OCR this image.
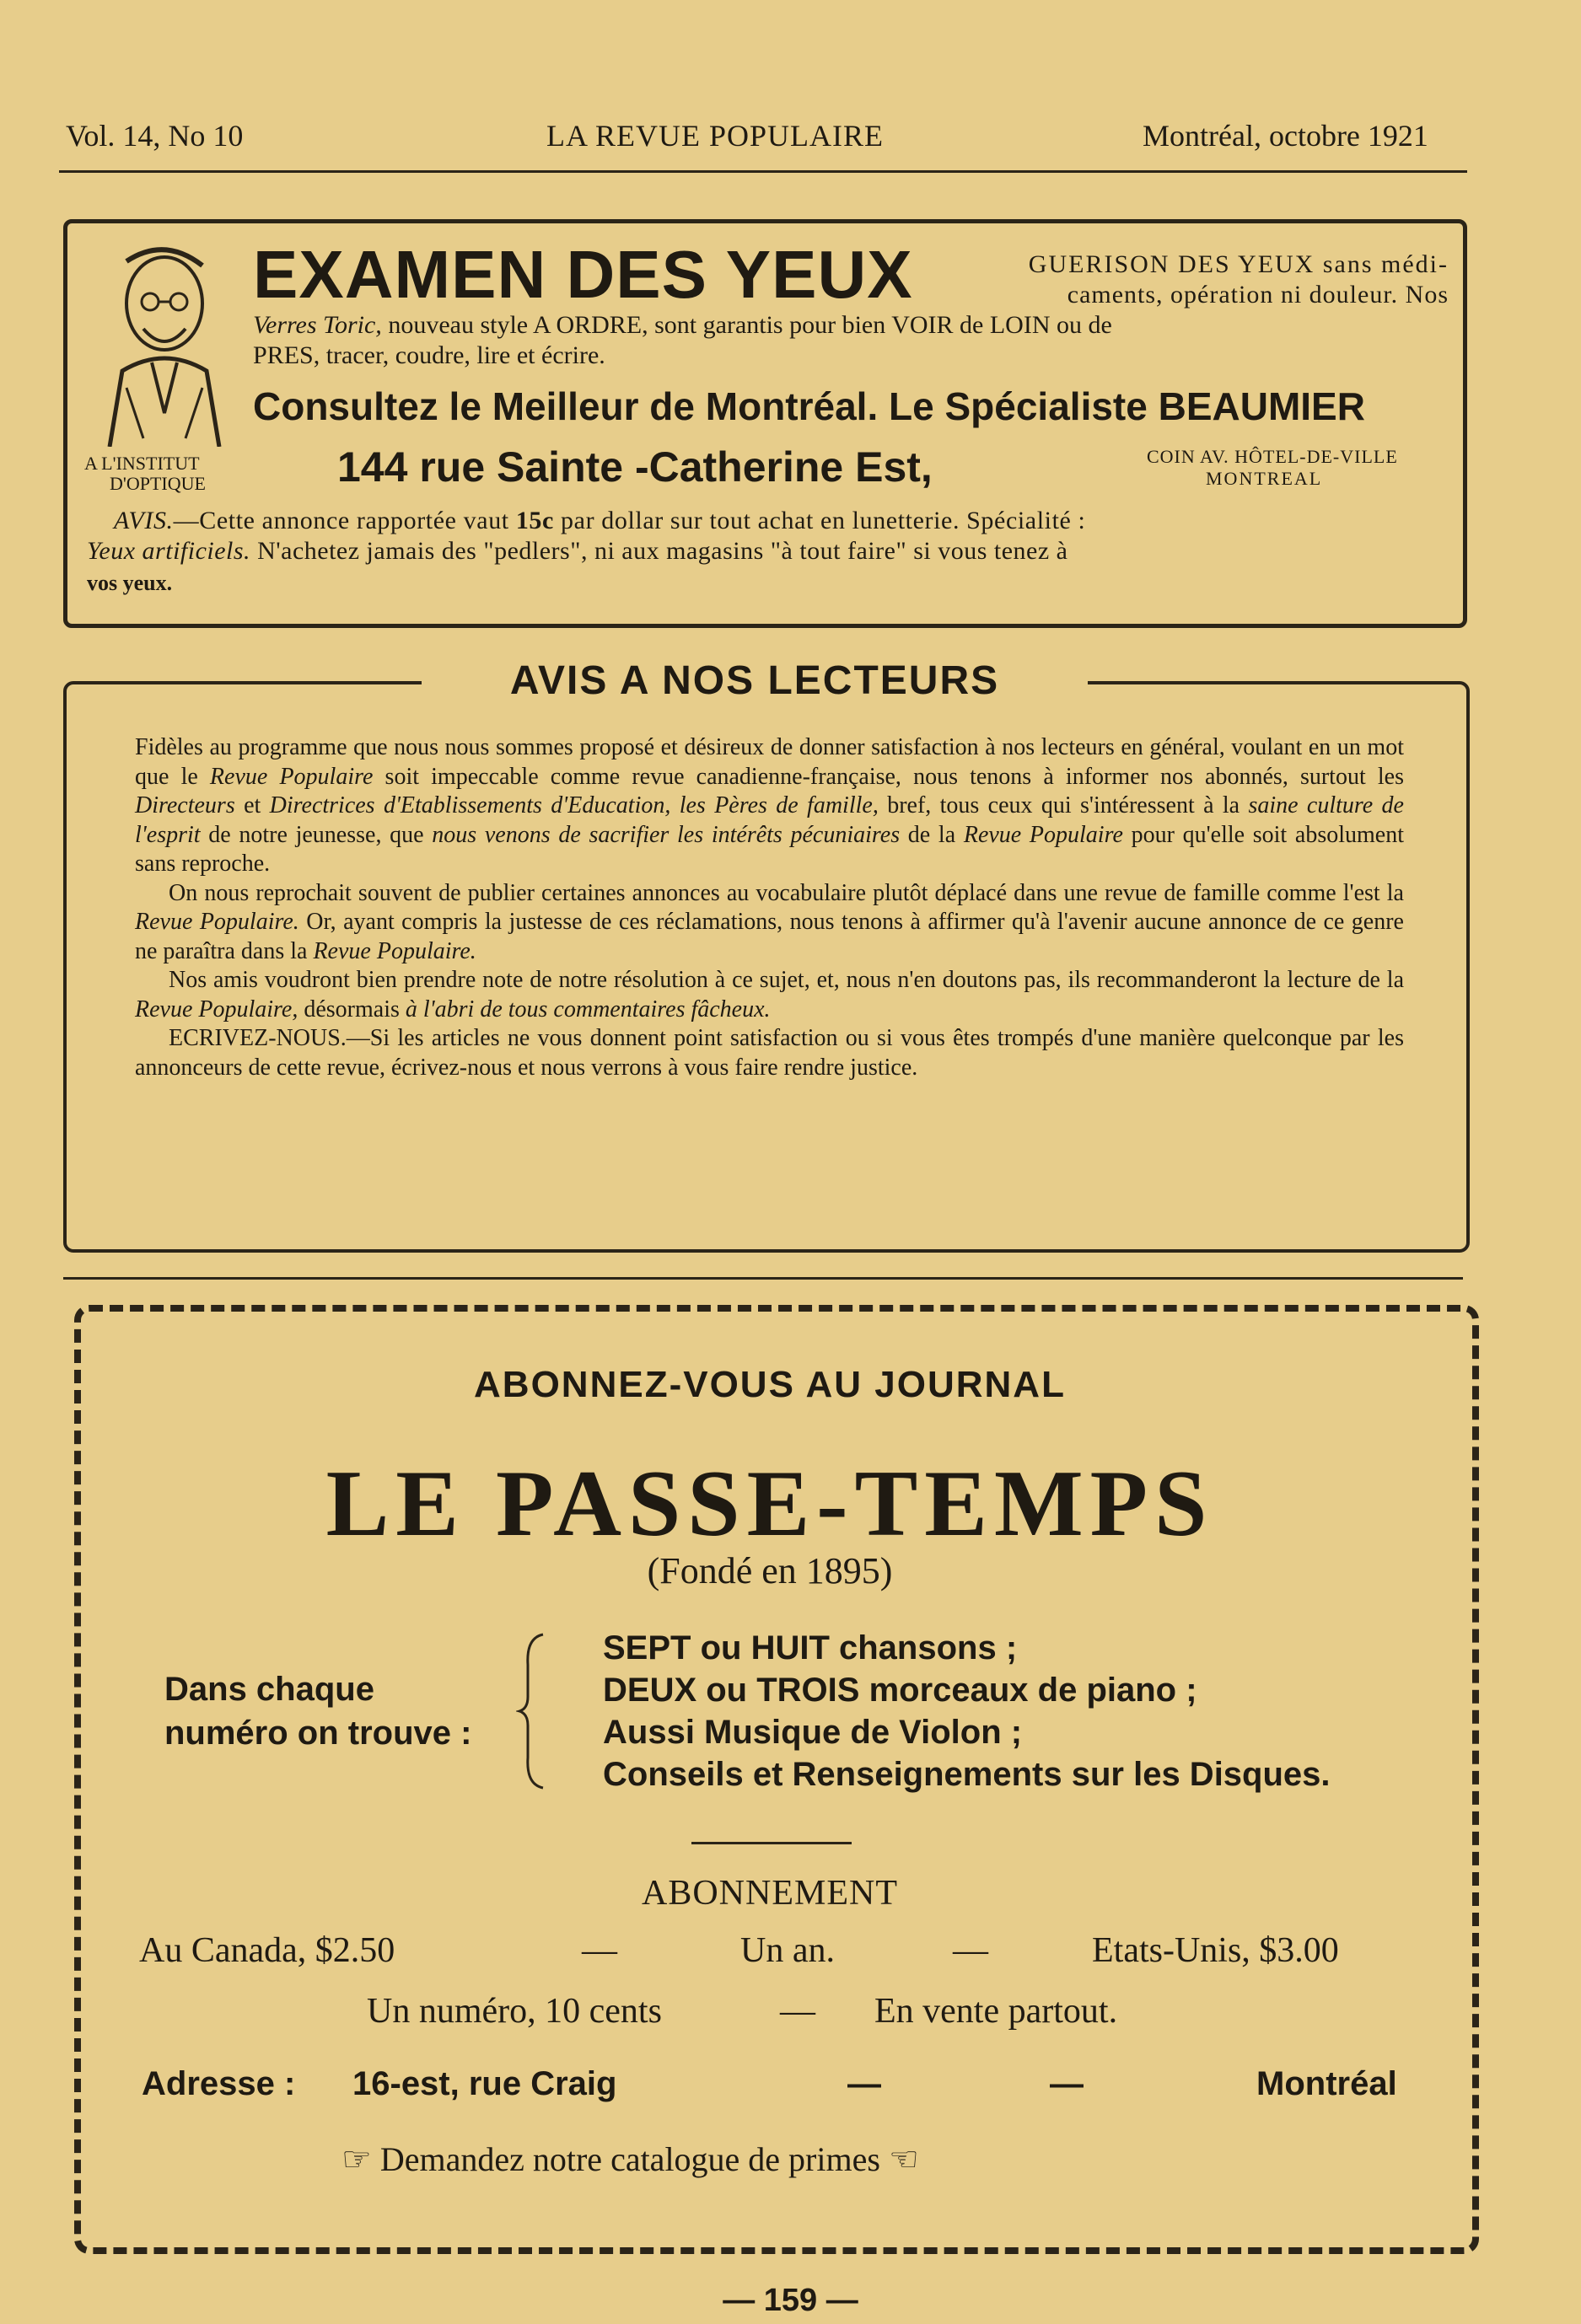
Vol. 14, No 10	LA REVUE POPULAIRE	Montréal, octobre 1921
EXAMEN DES YEUX	GUERISON DES YEUX sans médi-
caments, opération ni douleur. Nos
Verres Toric, nouveau style A ORDRE, sont garantis pour bien VOIR de LOIN ou de
PRES, tracer, coudre, lire et écrire.
Consultez le Meilleur de Montréal. Le Spécialiste BEAUMIER
A L'INSTITUT
D'OPTIQUE	144 rue Sainte -Catherine Est,	COIN AV. HÔTEL-DE-VILLE
MONTREAL
AVIS.—Cette annonce rapportée vaut 15c par dollar sur tout achat en lunetterie. Spécialité :
Yeux artificiels. N'achetez jamais des "pedlers", ni aux magasins "à tout faire" si vous tenez à
vos yeux.
AVIS A NOS LECTEURS

Fidèles au programme que nous nous sommes proposé et désireux de donner satisfaction à nos lecteurs en général, voulant en un mot que le Revue Populaire soit impeccable comme revue canadienne-française, nous tenons à informer nos abonnés, surtout les Directeurs et Directrices d'Etablissements d'Education, les Pères de famille, bref, tous ceux qui s'intéressent à la saine culture de l'esprit de notre jeunesse, que nous venons de sacrifier les intérêts pécuniaires de la Revue Populaire pour qu'elle soit absolument sans reproche.

On nous reprochait souvent de publier certaines annonces au vocabulaire plutôt déplacé dans une revue de famille comme l'est la Revue Populaire. Or, ayant compris la justesse de ces réclamations, nous tenons à affirmer qu'à l'avenir aucune annonce de ce genre ne paraîtra dans la Revue Populaire.

Nos amis voudront bien prendre note de notre résolution à ce sujet, et, nous n'en doutons pas, ils recommanderont la lecture de la Revue Populaire, désormais à l'abri de tous commentaires fâcheux.

ECRIVEZ-NOUS.—Si les articles ne vous donnent point satisfaction ou si vous êtes trompés d'une manière quelconque par les annonceurs de cette revue, écrivez-nous et nous verrons à vous faire rendre justice.

ABONNEZ-VOUS AU JOURNAL
LE PASSE-TEMPS
(Fondé en 1895)
Dans chaque
numéro on trouve :
SEPT ou HUIT chansons ;
DEUX ou TROIS morceaux de piano ;
Aussi Musique de Violon ;
Conseils et Renseignements sur les Disques.
ABONNEMENT
Au Canada, $2.50	—	Un an.	—	Etats-Unis, $3.00
Un numéro, 10 cents	— En vente partout.
Adresse : 16-est, rue Craig	—	—	Montréal
☞ Demandez notre catalogue de primes ☜
— 159 —
